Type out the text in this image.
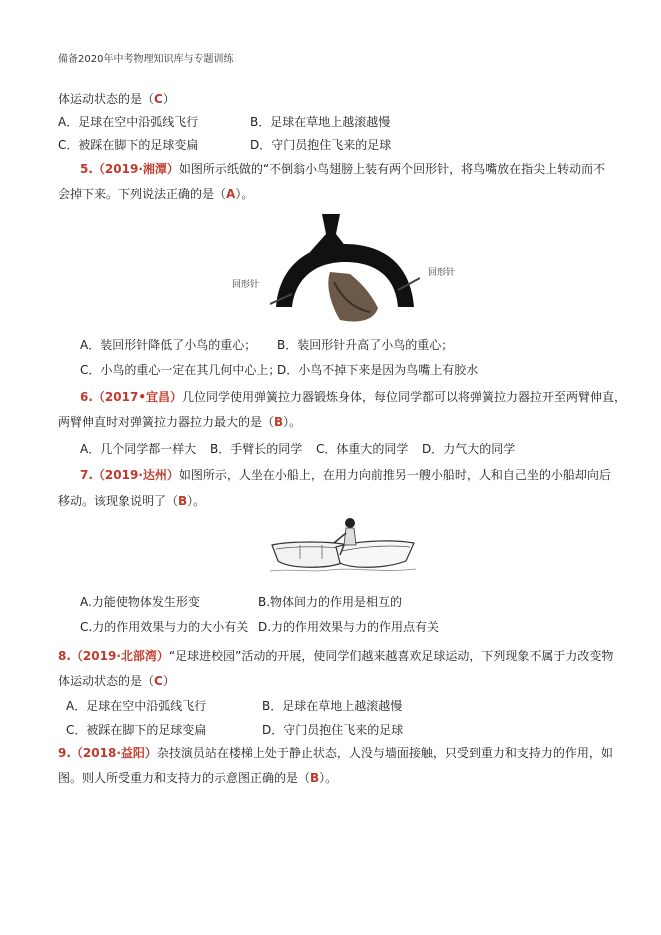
備备2020年中考物理知识库与专题训练
体运动状态的是（C）
A．足球在空中沿弧线飞行	B．足球在草地上越滚越慢
C．被踩在脚下的足球变扁	D．守门员抱住飞来的足球
5.（2019·湘潭）如图所示纸做的“不倒翁小鸟翅膀上装有两个回形针，将鸟嘴放在指尖上转动而不
会掉下来。下列说法正确的是（A）。
回形针
回形针
A．装回形针降低了小鸟的重心； B．装回形针升高了小鸟的重心；
C．小鸟的重心一定在其几何中心上；
D．小鸟不掉下来是因为鸟嘴上有胶水
6.（2017•宜昌）几位同学使用弹簧拉力器锻炼身体，每位同学都可以将弹簧拉力器拉开至两臂伸直，
两臂伸直时对弹簧拉力器拉力最大的是（B）。
A．几个同学都一样大 B．手臂长的同学 C．体重大的同学 D．力气大的同学
7.（2019·达州）如图所示，人坐在小船上，在用力向前推另一艘小船时，人和自己坐的小船却向后
移动。该现象说明了（B）。
A.力能使物体发生形变	B.物体间力的作用是相互的
C.力的作用效果与力的大小有关 D.力的作用效果与力的作用点有关
8.（2019·北部湾）“足球进校园”活动的开展，使同学们越来越喜欢足球运动，下列现象不属于力改变物
体运动状态的是（C）
A．足球在空中沿弧线飞行	B．足球在草地上越滚越慢
C．被踩在脚下的足球变扁	D．守门员抱住飞来的足球
9.（2018·益阳）杂技演员站在楼梯上处于静止状态，人没与墙面接触，只受到重力和支持力的作用，如
图。则人所受重力和支持力的示意图正确的是（B）。
